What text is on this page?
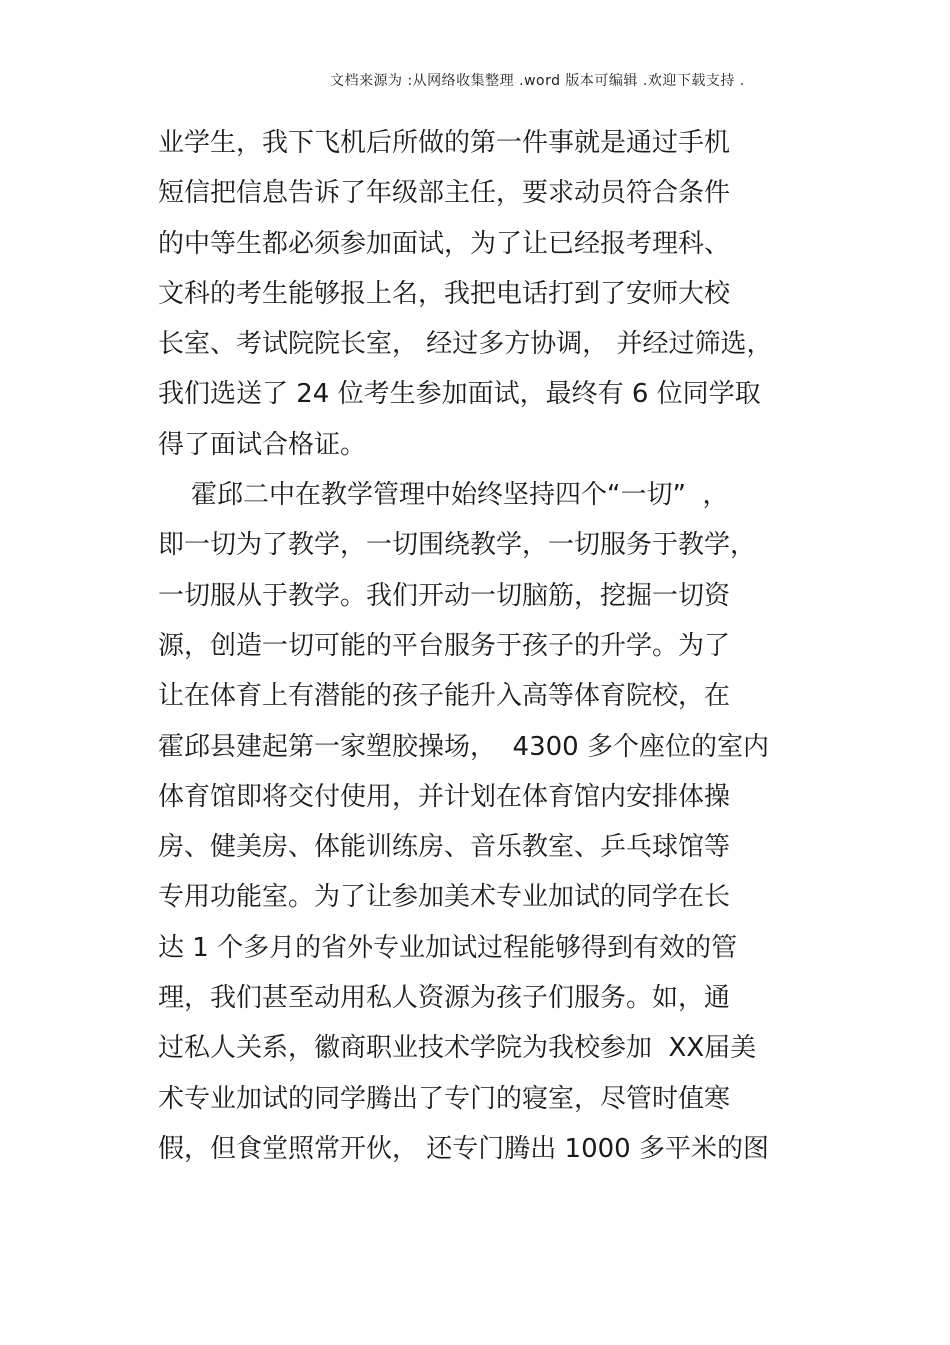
文档来源为 :从网络收集整理 .word 版本可编辑 .欢迎下载支持 .
业学生，我下飞机后所做的第一件事就是通过手机
短信把信息告诉了年级部主任，要求动员符合条件
的中等生都必须参加面试，为了让已经报考理科、
文科的考生能够报上名，我把电话打到了安师大校
长室、考试院院长室， 经过多方协调， 并经过筛选，
我们选送了 24 位考生参加面试，最终有 6 位同学取
得了面试合格证。
霍邱二中在教学管理中始终坚持四个“一切”  ，
即一切为了教学，一切围绕教学，一切服务于教学，
一切服从于教学。我们开动一切脑筋，挖掘一切资
源，创造一切可能的平台服务于孩子的升学。为了
让在体育上有潜能的孩子能升入高等体育院校，在
霍邱县建起第一家塑胶操场，  4300 多个座位的室内
体育馆即将交付使用，并计划在体育馆内安排体操
房、健美房、体能训练房、音乐教室、乒乓球馆等
专用功能室。为了让参加美术专业加试的同学在长
达 1 个多月的省外专业加试过程能够得到有效的管
理，我们甚至动用私人资源为孩子们服务。如，通
过私人关系，徽商职业技术学院为我校参加  XX届美
术专业加试的同学腾出了专门的寝室，尽管时值寒
假，但食堂照常开伙， 还专门腾出 1000 多平米的图
